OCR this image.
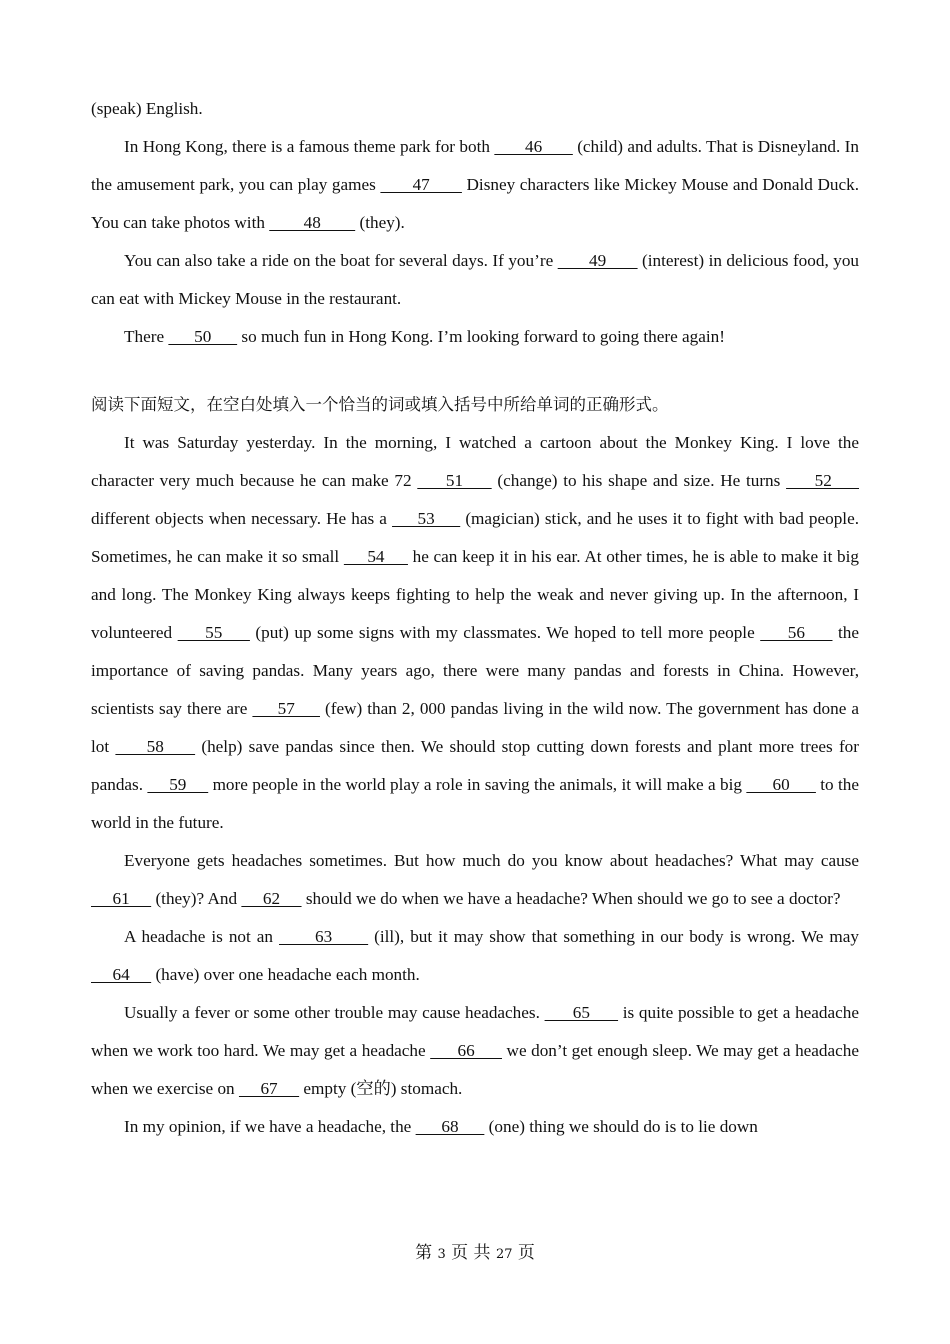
(speak) English.

In Hong Kong, there is a famous theme park for both        46        (child) and adults. That is Disneyland. In the amusement park, you can play games        47        Disney characters like Mickey Mouse and Donald Duck. You can take photos with         48         (they).

You can also take a ride on the boat for several days. If you’re        49        (interest) in delicious food, you can eat with Mickey Mouse in the restaurant.

There       50       so much fun in Hong Kong. I’m looking forward to going there again!

阅读下面短文，在空白处填入一个恰当的词或填入括号中所给单词的正确形式。

It was Saturday yesterday. In the morning, I watched a cartoon about the Monkey King. I love the character very much because he can make 72      51      (change) to his shape and size. He turns      52      different objects when necessary. He has a      53      (magician) stick, and he uses it to fight with bad people. Sometimes, he can make it so small      54      he can keep it in his ear. At other times, he is able to make it big and long. The Monkey King always keeps fighting to help the weak and never giving up. In the afternoon, I volunteered      55      (put) up some signs with my classmates. We hoped to tell more people      56      the importance of saving pandas. Many years ago, there were many pandas and forests in China. However, scientists say there are      57      (few) than 2, 000 pandas living in the wild now. The government has done a lot      58      (help) save pandas since then. We should stop cutting down forests and plant more trees for pandas.      59      more people in the world play a role in saving the animals, it will make a big       60       to the world in the future.

Everyone gets headaches sometimes. But how much do you know about headaches? What may cause      61      (they)? And      62      should we do when we have a headache? When should we go to see a doctor?

A headache is not an       63       (ill), but it may show that something in our body is wrong. We may      64      (have) over one headache each month.

Usually a fever or some other trouble may cause headaches.       65       is quite possible to get a headache when we work too hard. We may get a headache       66       we don’t get enough sleep. We may get a headache when we exercise on      67      empty (空的) stomach.

In my opinion, if we have a headache, the       68       (one) thing we should do is to lie down

第 3 页 共 27 页
